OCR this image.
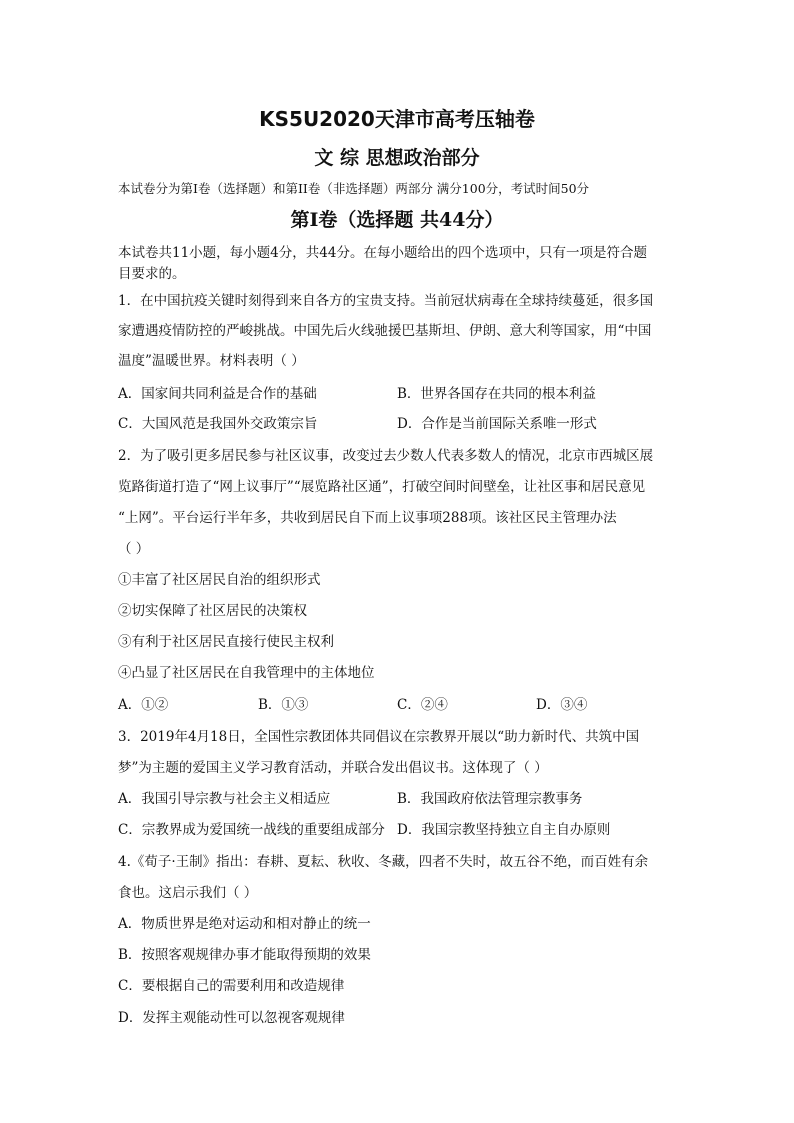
KS5U2020天津市高考压轴卷
文 综 思想政治部分
本试卷分为第I卷（选择题）和第II卷（非选择题）两部分 满分100分，考试时间50分
第I卷（选择题 共44分）
本试卷共11小题，每小题4分，共44分。在每小题给出的四个选项中，只有一项是符合题
目要求的。
1．在中国抗疫关键时刻得到来自各方的宝贵支持。当前冠状病毒在全球持续蔓延，很多国
家遭遇疫情防控的严峻挑战。中国先后火线驰援巴基斯坦、伊朗、意大利等国家，用“中国
温度”温暖世界。材料表明（ ）
A．国家间共同利益是合作的基础	B．世界各国存在共同的根本利益
C．大国风范是我国外交政策宗旨	D．合作是当前国际关系唯一形式
2．为了吸引更多居民参与社区议事，改变过去少数人代表多数人的情况，北京市西城区展
览路街道打造了“网上议事厅”“展览路社区通”，打破空间时间壁垒，让社区事和居民意见
“上网”。平台运行半年多，共收到居民自下而上议事项288项。该社区民主管理办法
（ ）
①丰富了社区居民自治的组织形式
②切实保障了社区居民的决策权
③有利于社区居民直接行使民主权利
④凸显了社区居民在自我管理中的主体地位
A．①②	B．①③	C．②④	D．③④
3．2019年4月18日，全国性宗教团体共同倡议在宗教界开展以“助力新时代、共筑中国
梦”为主题的爱国主义学习教育活动，并联合发出倡议书。这体现了（ ）
A．我国引导宗教与社会主义相适应	B．我国政府依法管理宗教事务
C．宗教界成为爱国统一战线的重要组成部分 D．我国宗教坚持独立自主自办原则
4.《荀子·王制》指出：春耕、夏耘、秋收、冬藏，四者不失时，故五谷不绝，而百姓有余
食也。这启示我们（ ）
A．物质世界是绝对运动和相对静止的统一
B．按照客观规律办事才能取得预期的效果
C．要根据自己的需要利用和改造规律
D．发挥主观能动性可以忽视客观规律
